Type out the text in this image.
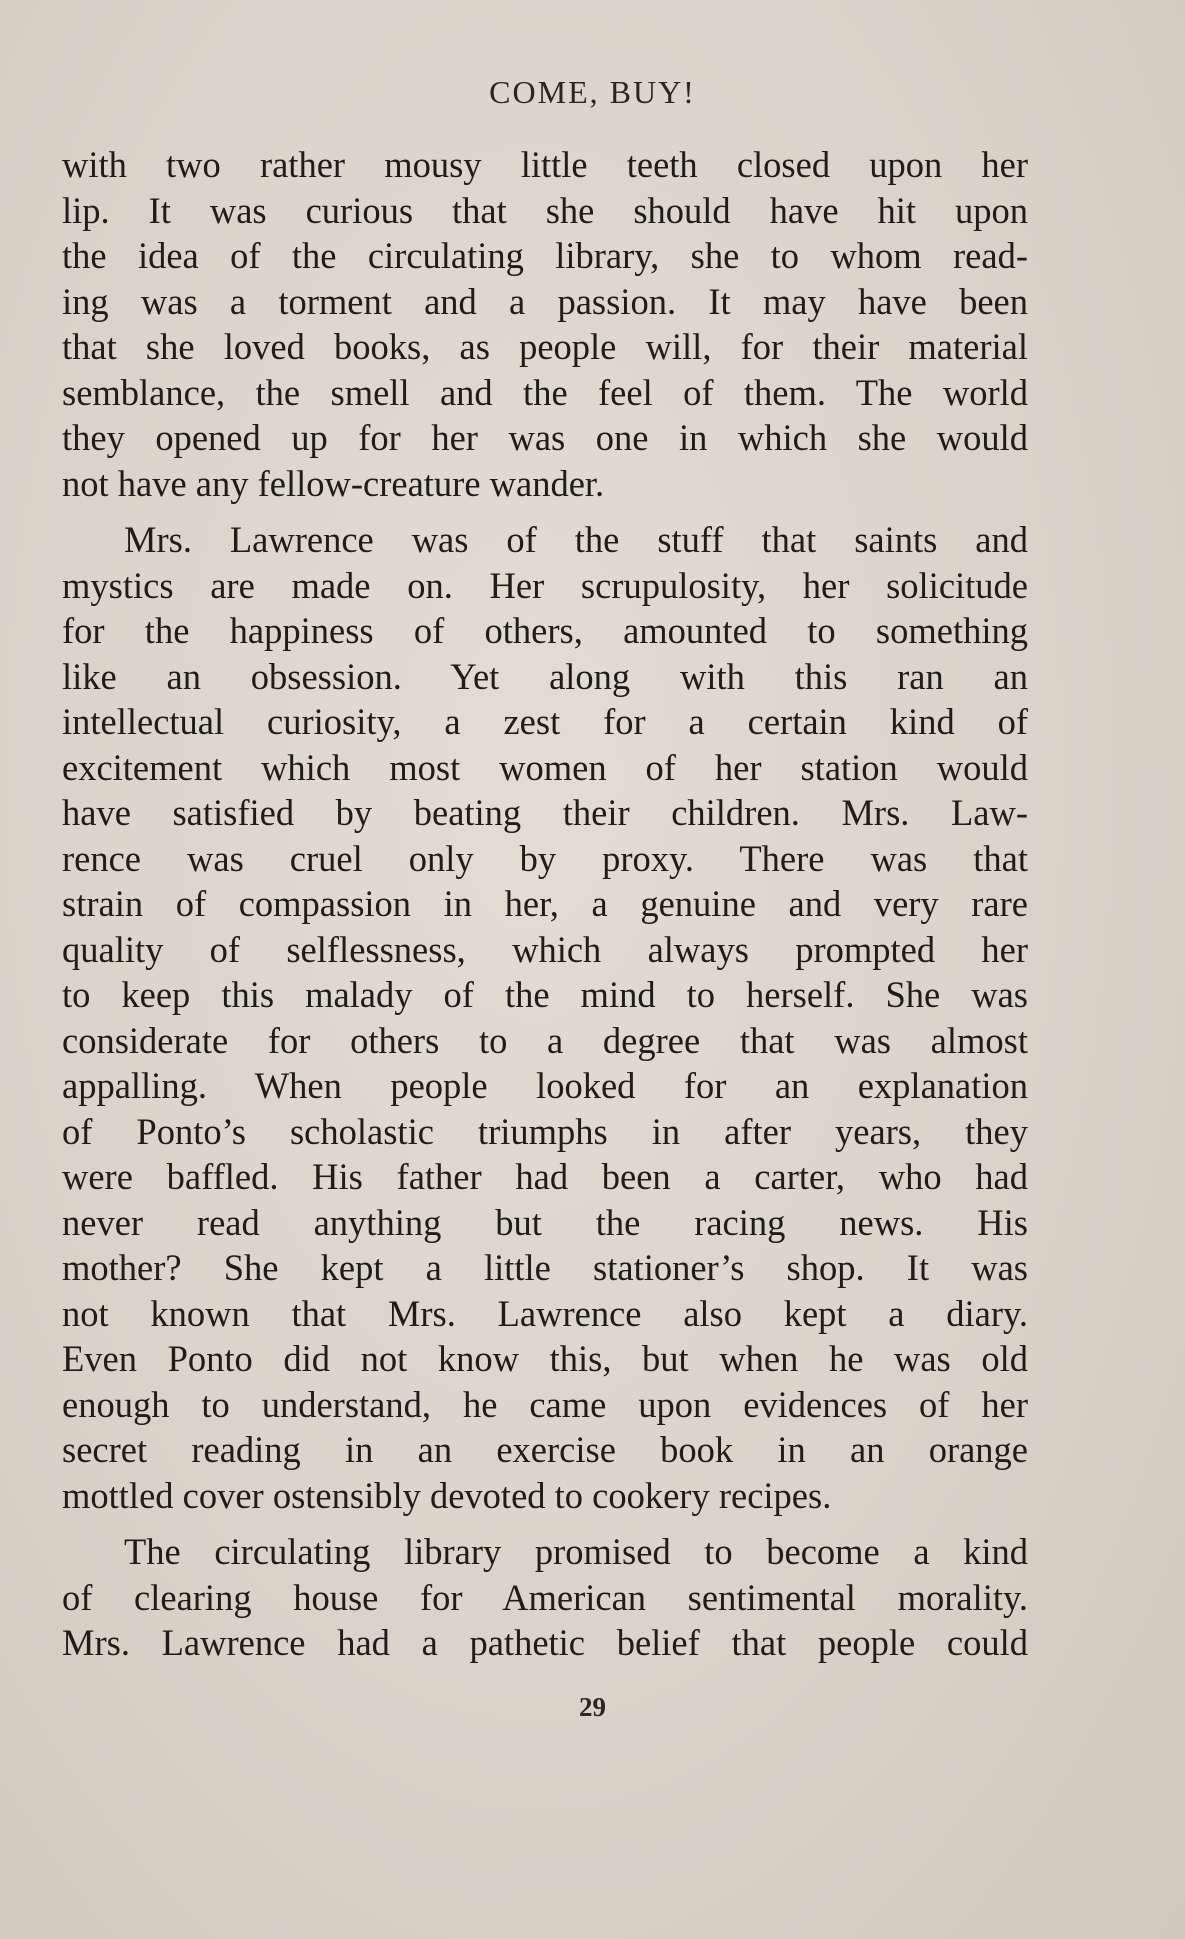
COME, BUY!
with two rather mousy little teeth closed upon her
lip. It was curious that she should have hit upon
the idea of the circulating library, she to whom read-
ing was a torment and a passion. It may have been
that she loved books, as people will, for their material
semblance, the smell and the feel of them. The world
they opened up for her was one in which she would
not have any fellow-creature wander.
Mrs. Lawrence was of the stuff that saints and
mystics are made on. Her scrupulosity, her solicitude
for the happiness of others, amounted to something
like an obsession. Yet along with this ran an
intellectual curiosity, a zest for a certain kind of
excitement which most women of her station would
have satisfied by beating their children. Mrs. Law-
rence was cruel only by proxy. There was that
strain of compassion in her, a genuine and very rare
quality of selflessness, which always prompted her
to keep this malady of the mind to herself. She was
considerate for others to a degree that was almost
appalling. When people looked for an explanation
of Ponto’s scholastic triumphs in after years, they
were baffled. His father had been a carter, who had
never read anything but the racing news. His
mother? She kept a little stationer’s shop. It was
not known that Mrs. Lawrence also kept a diary.
Even Ponto did not know this, but when he was old
enough to understand, he came upon evidences of her
secret reading in an exercise book in an orange
mottled cover ostensibly devoted to cookery recipes.
The circulating library promised to become a kind
of clearing house for American sentimental morality.
Mrs. Lawrence had a pathetic belief that people could
29
